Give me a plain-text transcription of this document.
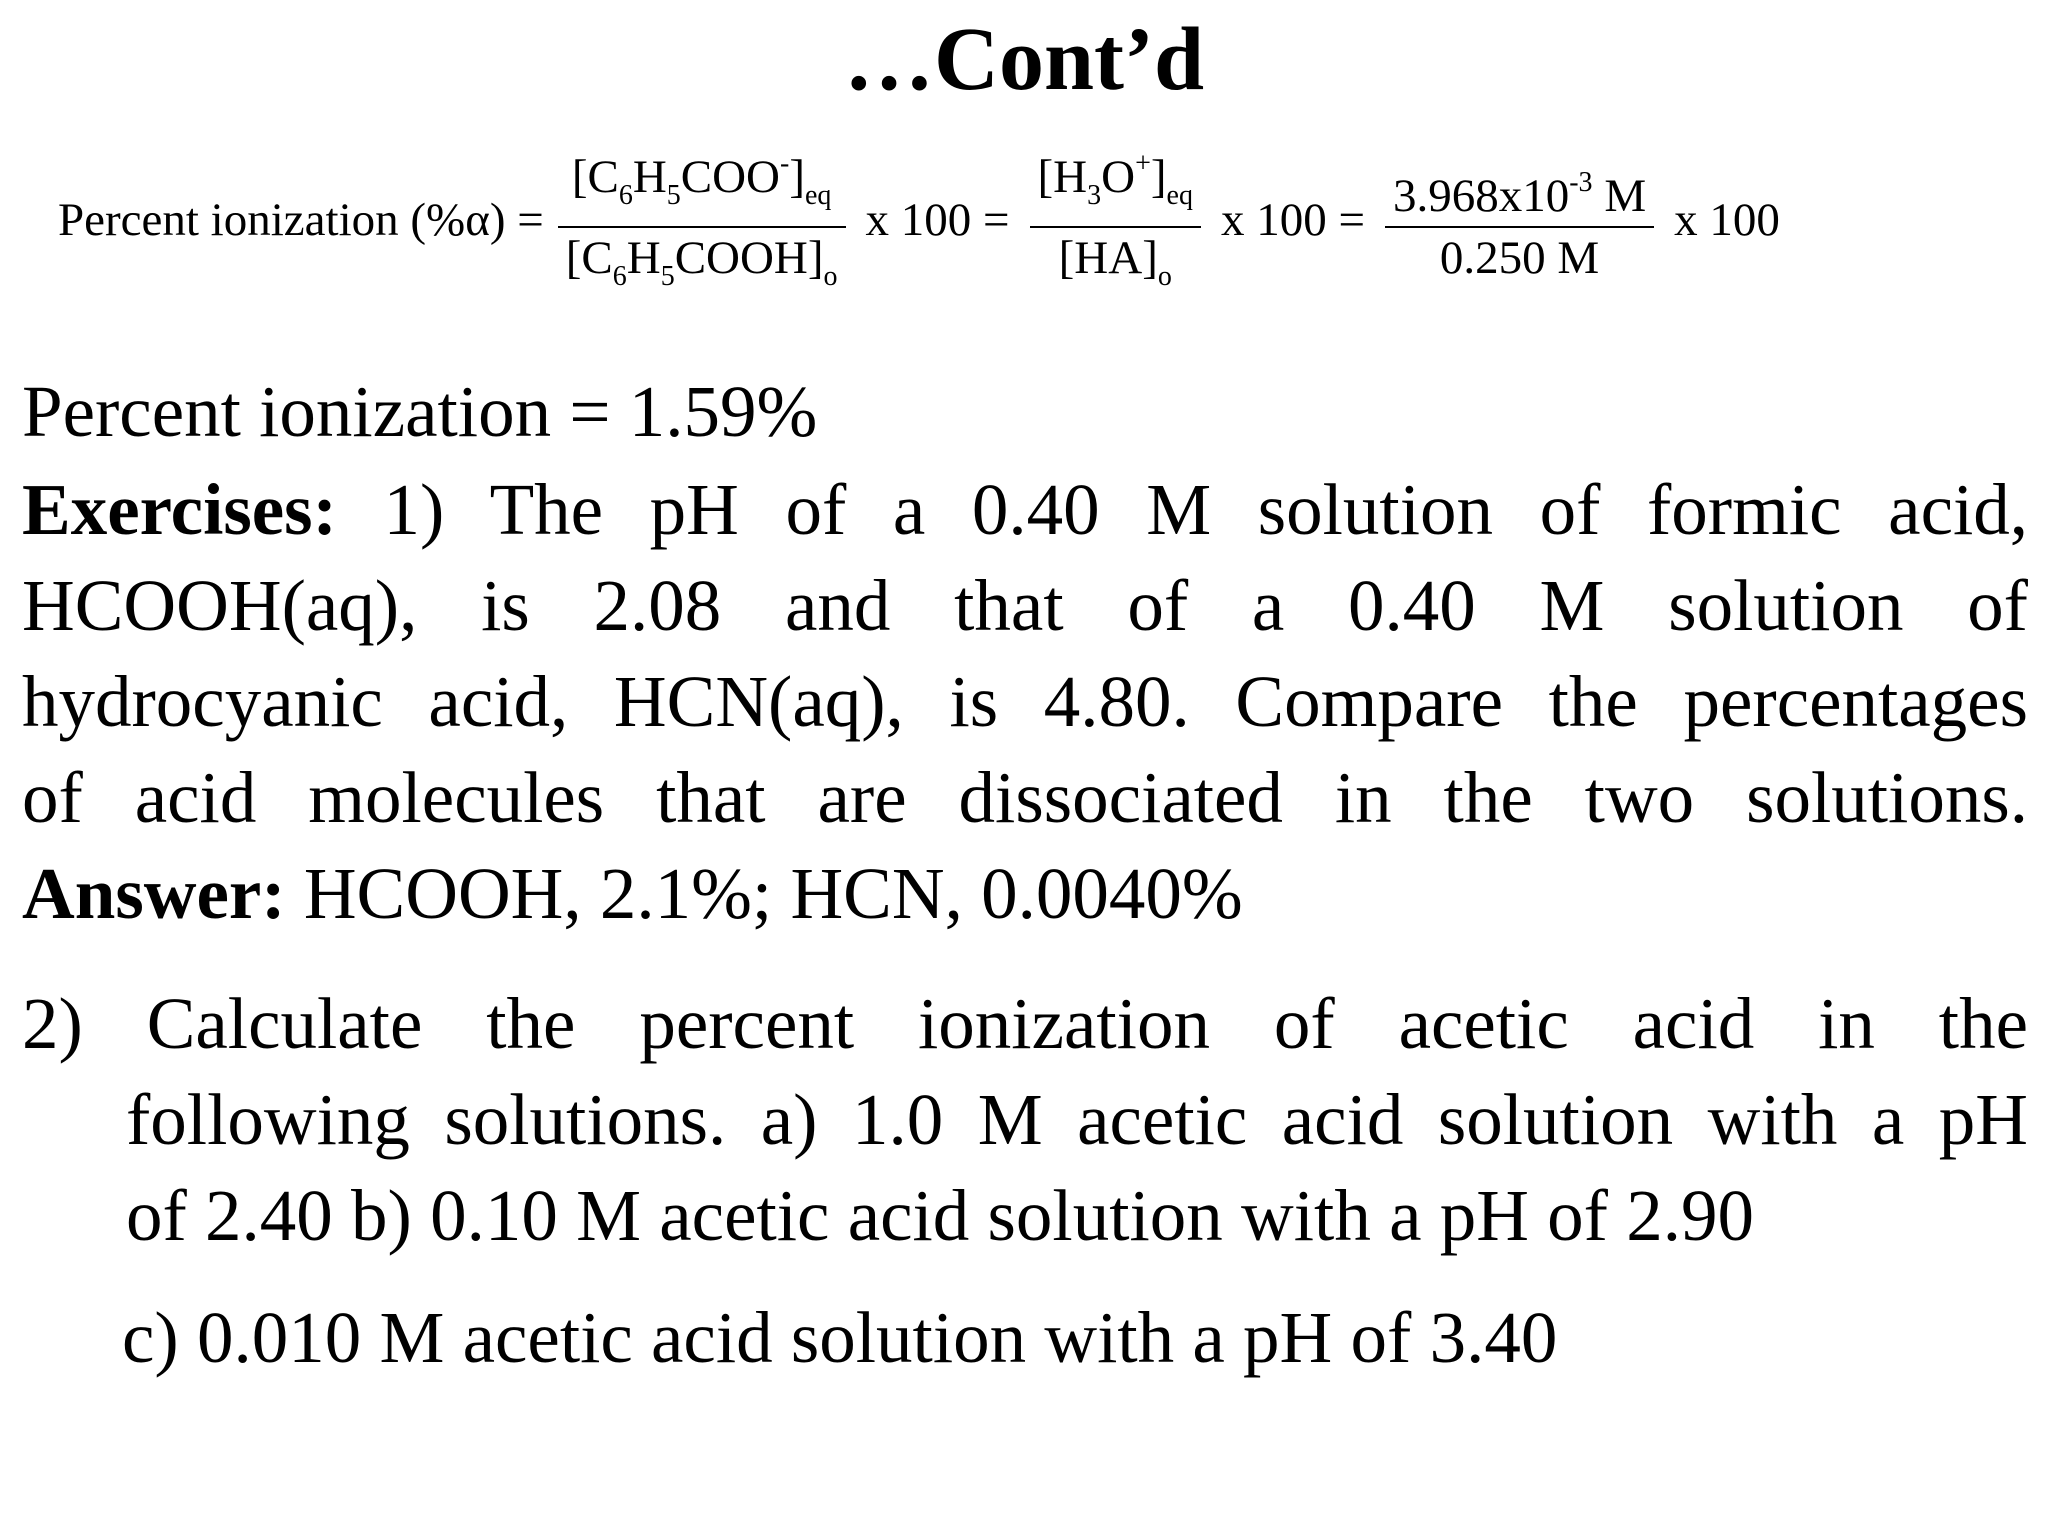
…Cont’d
Percent ionization $(\%\alpha) = \frac{[C_6H_5COO^-]_{eq}}{[C_6H_5COOH]_o}$ x $100 = \frac{[H_3O^+]_{eq}}{[HA]_o}$ x $100 = \frac{3.968x10^{-3} M}{0.250 M}$ x 100
Percent ionization = 1.59%
Exercises: 1) The pH of a 0.40 M solution of formic acid,
HCOOH(aq), is 2.08 and that of a 0.40 M solution of
hydrocyanic acid, HCN(aq), is 4.80. Compare the percentages
of acid molecules that are dissociated in the two solutions.
Answer: HCOOH, 2.1%; HCN, 0.0040%
2) Calculate the percent ionization of acetic acid in the
following solutions. a) 1.0 M acetic acid solution with a pH
of 2.40 b) 0.10 M acetic acid solution with a pH of 2.90
c) 0.010 M acetic acid solution with a pH of 3.40
